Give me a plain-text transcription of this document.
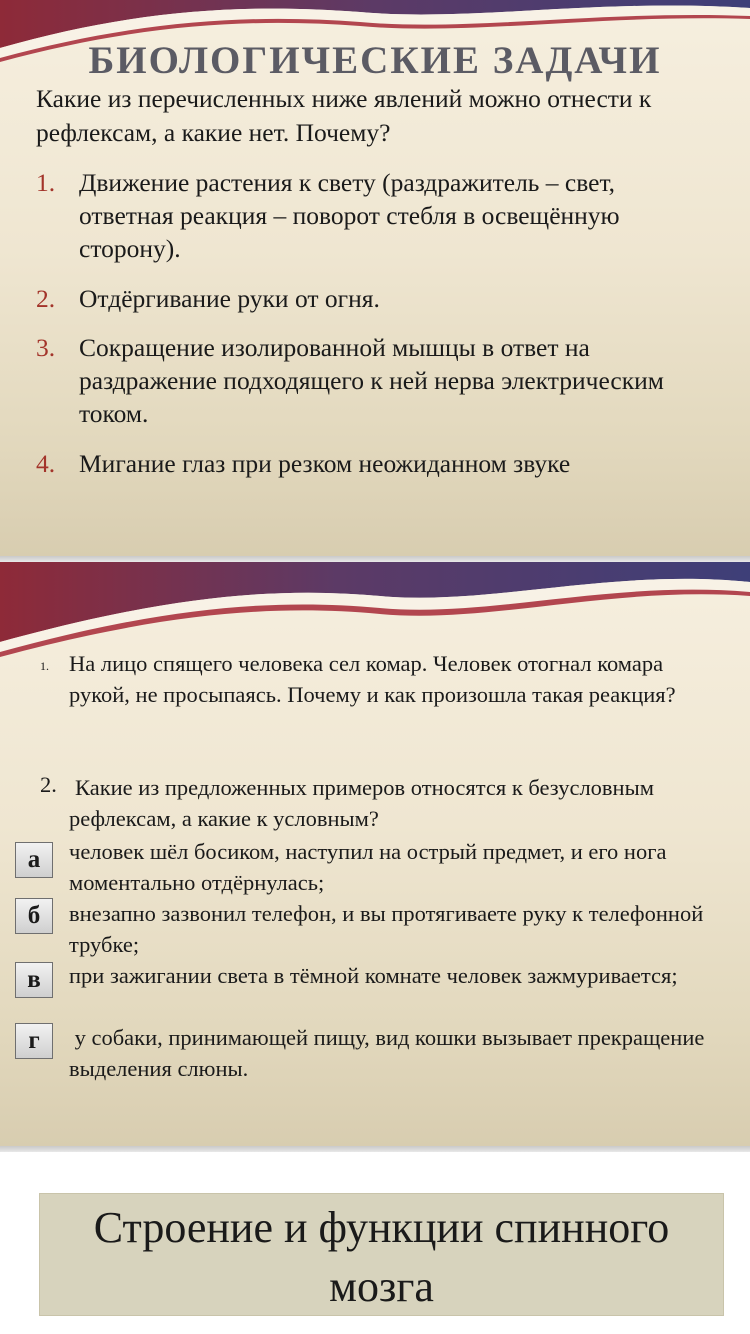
БИОЛОГИЧЕСКИЕ ЗАДАЧИ
Какие из перечисленных ниже явлений можно отнести к рефлексам, а какие нет. Почему?
1. Движение растения к свету (раздражитель – свет, ответная реакция – поворот стебля в освещённую сторону).
2. Отдёргивание руки от огня.
3. Сокращение изолированной мышцы в ответ на раздражение подходящего к ней нерва электрическим током.
4. Мигание глаз при резком неожиданном звуке
1. На лицо спящего человека сел комар. Человек отогнал комара рукой, не просыпаясь. Почему и как произошла такая реакция?
2. Какие из предложенных примеров относятся к безусловным рефлексам, а какие к условным?
а	человек шёл босиком, наступил на острый предмет, и его нога моментально отдёрнулась;
б	внезапно зазвонил телефон, и вы протягиваете руку к телефонной трубке;
в	при зажигании света в тёмной комнате человек зажмуривается;
г	у собаки, принимающей пищу, вид кошки вызывает прекращение выделения слюны.
Строение и функции спинного мозга
